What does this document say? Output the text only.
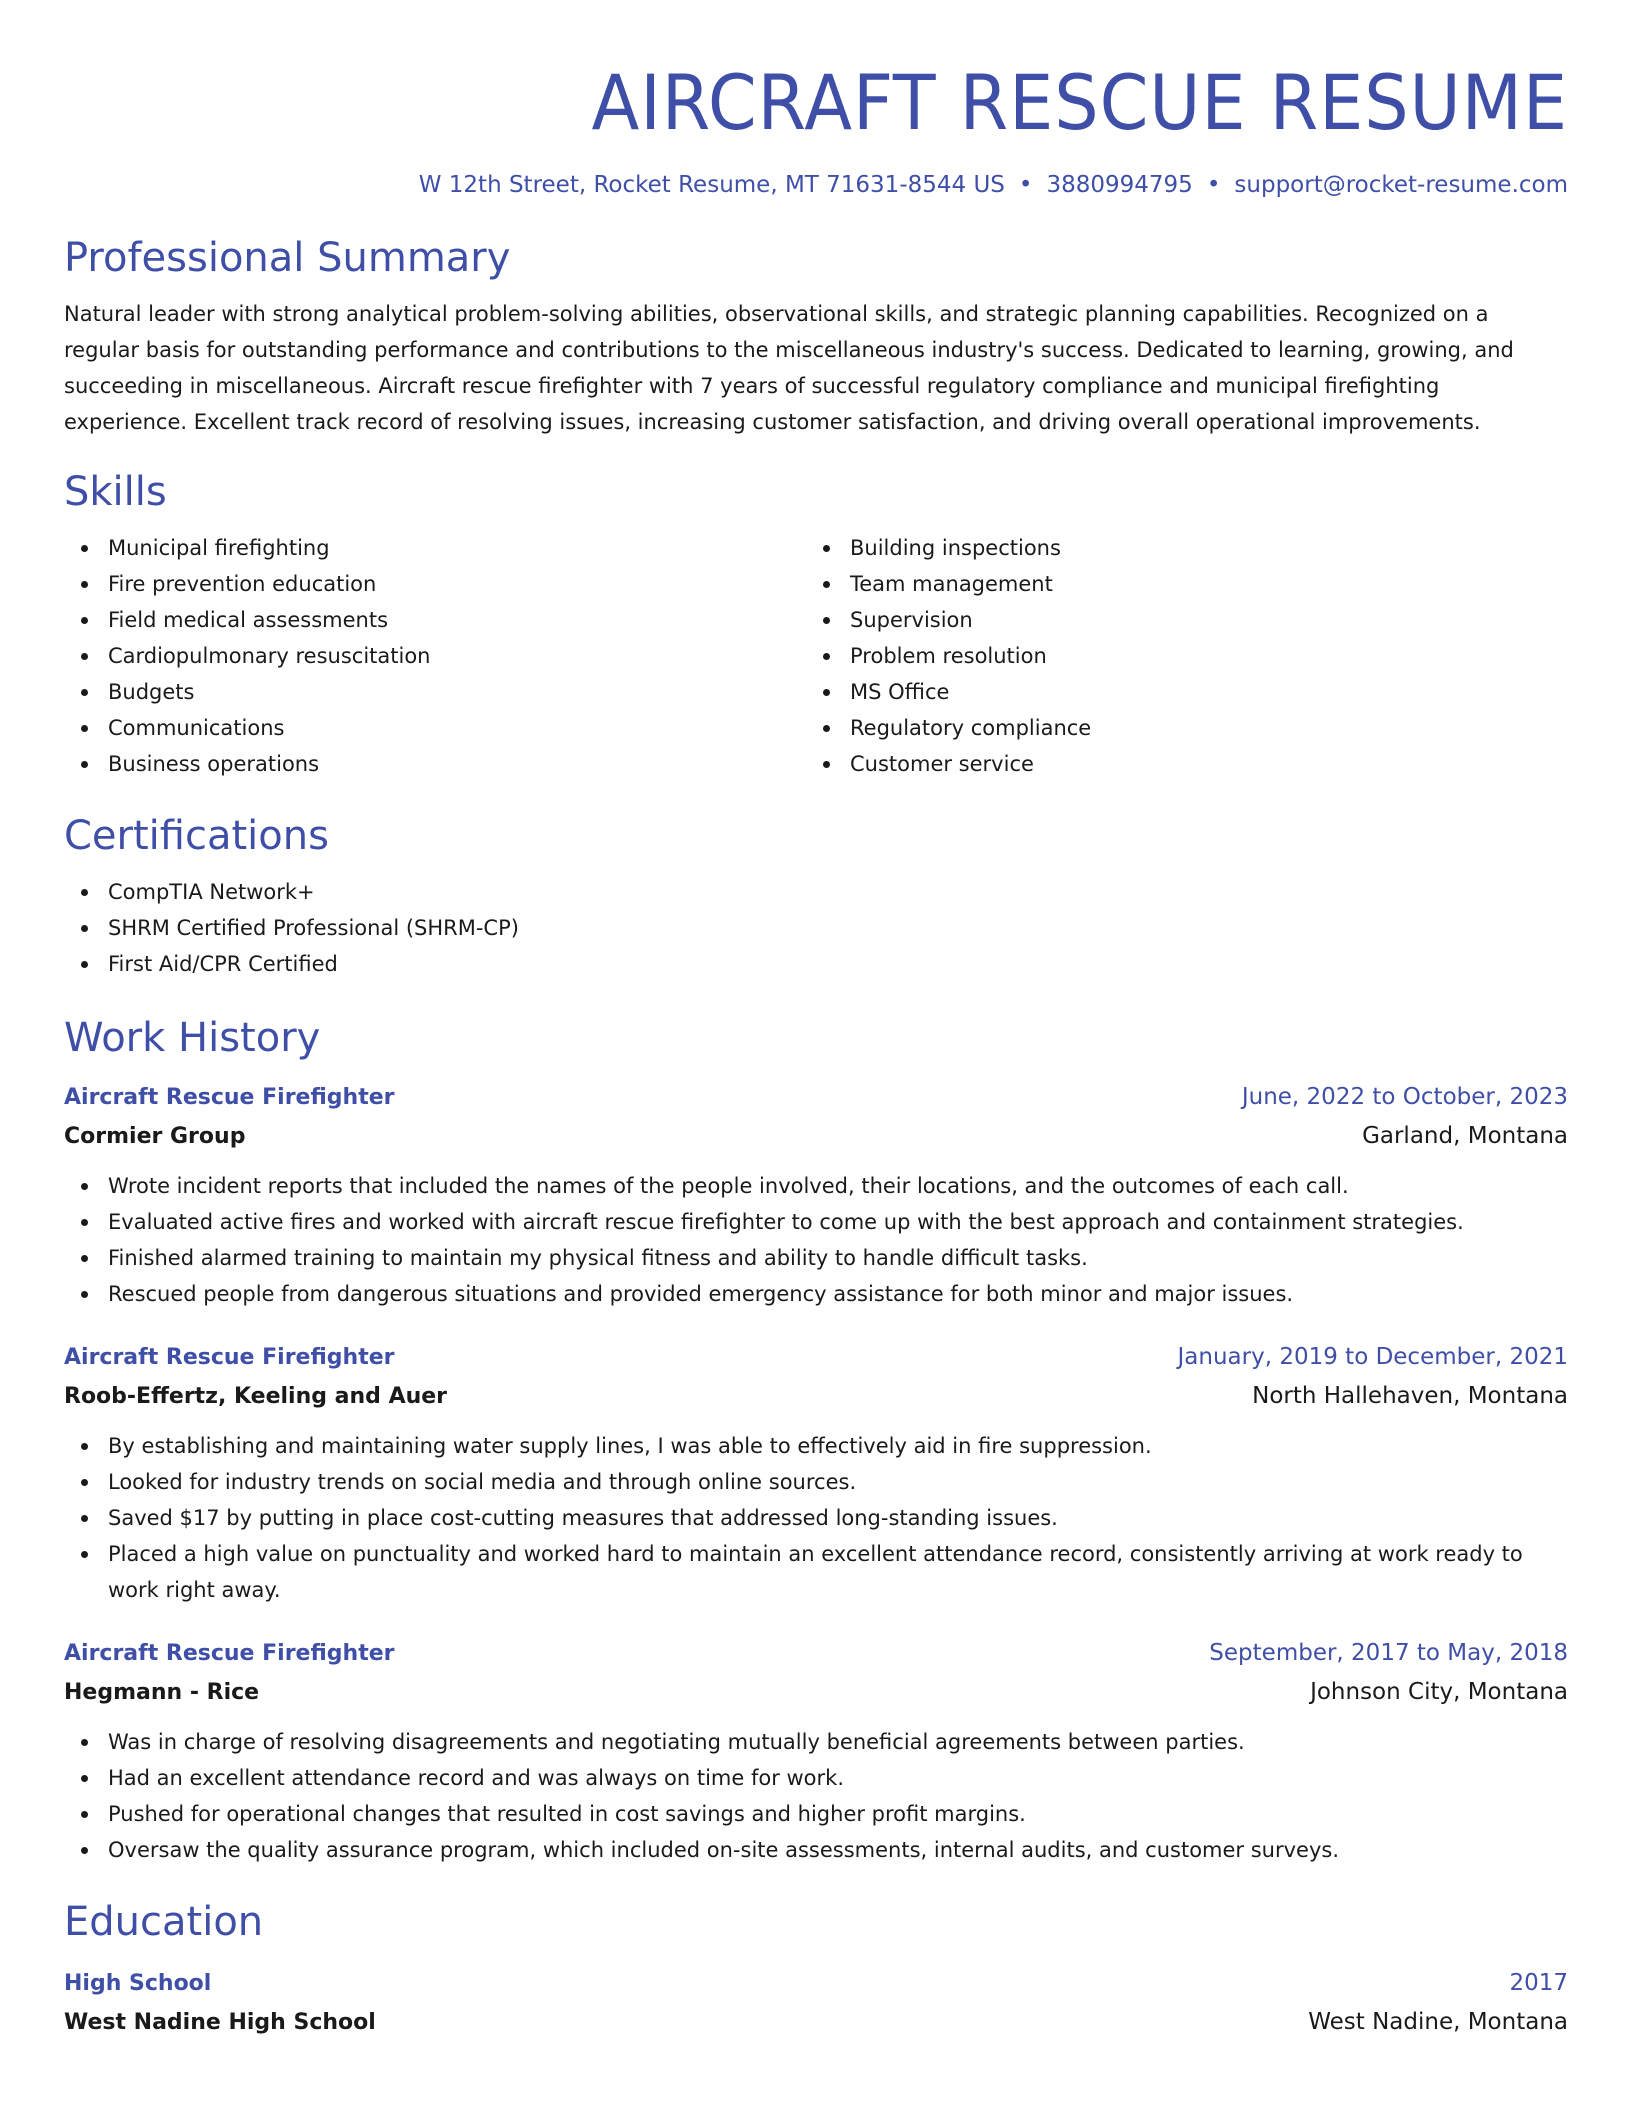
AIRCRAFT RESCUE RESUME
W 12th Street, Rocket Resume, MT 71631-8544 US • 3880994795 • support@rocket-resume.com
Professional Summary

Natural leader with strong analytical problem-solving abilities, observational skills, and strategic planning capabilities. Recognized on a regular basis for outstanding performance and contributions to the miscellaneous industry's success. Dedicated to learning, growing, and succeeding in miscellaneous. Aircraft rescue firefighter with 7 years of successful regulatory compliance and municipal firefighting experience. Excellent track record of resolving issues, increasing customer satisfaction, and driving overall operational improvements.

Skills
Municipal firefighting
Fire prevention education
Field medical assessments
Cardiopulmonary resuscitation
Budgets
Communications
Business operations
Building inspections
Team management
Supervision
Problem resolution
MS Office
Regulatory compliance
Customer service
Certifications
CompTIA Network+
SHRM Certified Professional (SHRM-CP)
First Aid/CPR Certified
Work History
Aircraft Rescue Firefighter	June, 2022 to October, 2023
Cormier Group	Garland, Montana
Wrote incident reports that included the names of the people involved, their locations, and the outcomes of each call.
Evaluated active fires and worked with aircraft rescue firefighter to come up with the best approach and containment strategies.
Finished alarmed training to maintain my physical fitness and ability to handle difficult tasks.
Rescued people from dangerous situations and provided emergency assistance for both minor and major issues.
Aircraft Rescue Firefighter	January, 2019 to December, 2021
Roob-Effertz, Keeling and Auer	North Hallehaven, Montana
By establishing and maintaining water supply lines, I was able to effectively aid in fire suppression.
Looked for industry trends on social media and through online sources.
Saved $17 by putting in place cost-cutting measures that addressed long-standing issues.
Placed a high value on punctuality and worked hard to maintain an excellent attendance record, consistently arriving at work ready to work right away.
Aircraft Rescue Firefighter	September, 2017 to May, 2018
Hegmann - Rice	Johnson City, Montana
Was in charge of resolving disagreements and negotiating mutually beneficial agreements between parties.
Had an excellent attendance record and was always on time for work.
Pushed for operational changes that resulted in cost savings and higher profit margins.
Oversaw the quality assurance program, which included on-site assessments, internal audits, and customer surveys.
Education
High School	2017
West Nadine High School	West Nadine, Montana
